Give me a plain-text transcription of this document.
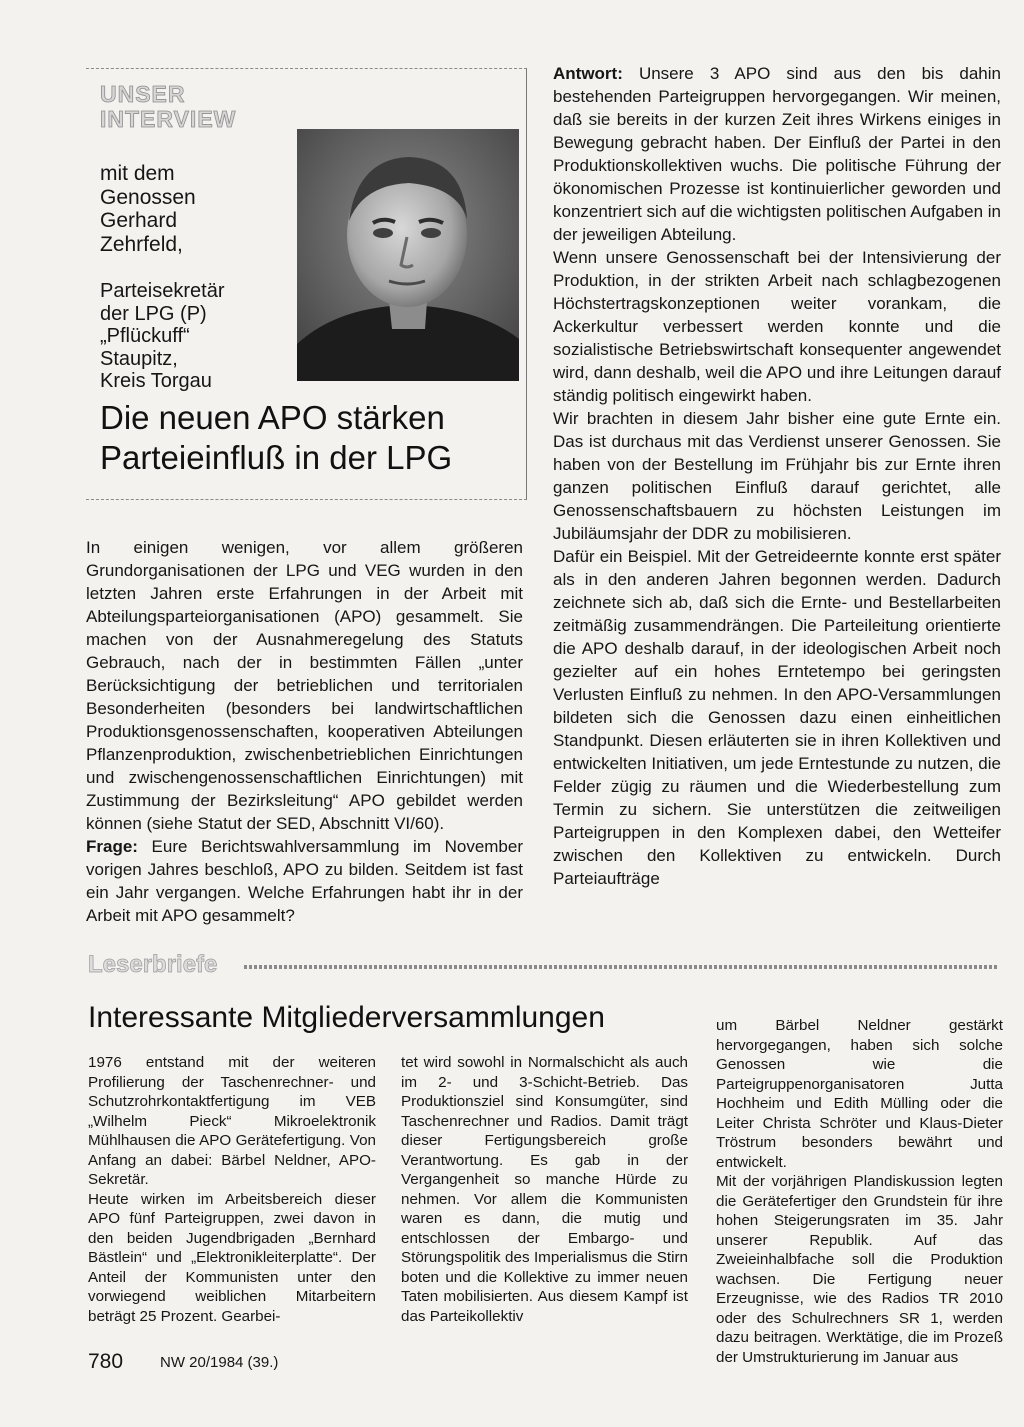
UNSER
INTERVIEW
mit dem
Genossen
Gerhard
Zehrfeld,
Parteisekretär
der LPG (P)
„Pflückuff“
Staupitz,
Kreis Torgau
Die neuen APO stärken
Parteieinfluß in der LPG

In einigen wenigen, vor allem größeren Grundorganisationen der LPG und VEG wurden in den letzten Jahren erste Erfahrungen in der Arbeit mit Abteilungsparteiorganisationen (APO) gesammelt. Sie machen von der Ausnahmeregelung des Statuts Gebrauch, nach der in bestimmten Fällen „unter Berücksichtigung der betrieblichen und territorialen Besonderheiten (besonders bei landwirtschaftlichen Produktionsgenossenschaften, kooperativen Abteilungen Pflanzenproduktion, zwischenbetrieblichen Einrichtungen und zwischengenossenschaftlichen Einrichtungen) mit Zustimmung der Bezirksleitung“ APO gebildet werden können (siehe Statut der SED, Abschnitt VI/60).

Frage: Eure Berichtswahlversammlung im November vorigen Jahres beschloß, APO zu bilden. Seitdem ist fast ein Jahr vergangen. Welche Erfahrungen habt ihr in der Arbeit mit APO gesammelt?

Antwort: Unsere 3 APO sind aus den bis dahin bestehenden Parteigruppen hervorgegangen. Wir meinen, daß sie bereits in der kurzen Zeit ihres Wirkens einiges in Bewegung gebracht haben. Der Einfluß der Partei in den Produktionskollektiven wuchs. Die politische Führung der ökonomischen Prozesse ist kontinuierlicher geworden und konzentriert sich auf die wichtigsten politischen Aufgaben in der jeweiligen Abteilung.

Wenn unsere Genossenschaft bei der Intensivierung der Produktion, in der strikten Arbeit nach schlagbezogenen Höchstertragskonzeptionen weiter vorankam, die Ackerkultur verbessert werden konnte und die sozialistische Betriebswirtschaft konsequenter angewendet wird, dann deshalb, weil die APO und ihre Leitungen darauf ständig politisch eingewirkt haben.

Wir brachten in diesem Jahr bisher eine gute Ernte ein. Das ist durchaus mit das Verdienst unserer Genossen. Sie haben von der Bestellung im Frühjahr bis zur Ernte ihren ganzen politischen Einfluß darauf gerichtet, alle Genossenschaftsbauern zu höchsten Leistungen im Jubiläumsjahr der DDR zu mobilisieren.

Dafür ein Beispiel. Mit der Getreideernte konnte erst später als in den anderen Jahren begonnen werden. Dadurch zeichnete sich ab, daß sich die Ernte- und Bestellarbeiten zeitmäßig zusammendrängen. Die Parteileitung orientierte die APO deshalb darauf, in der ideologischen Arbeit noch gezielter auf ein hohes Erntetempo bei geringsten Verlusten Einfluß zu nehmen. In den APO-Versammlungen bildeten sich die Genossen dazu einen einheitlichen Standpunkt. Diesen erläuterten sie in ihren Kollektiven und entwickelten Initiativen, um jede Erntestunde zu nutzen, die Felder zügig zu räumen und die Wiederbestellung zum Termin zu sichern. Sie unterstützen die zeitweiligen Parteigruppen in den Komplexen dabei, den Wetteifer zwischen den Kollektiven zu entwickeln. Durch Parteiaufträge

Leserbriefe
Interessante Mitgliederversammlungen

1976 entstand mit der weiteren Profilierung der Taschenrechner- und Schutzrohrkontaktfertigung im VEB „Wilhelm Pieck“ Mikroelektronik Mühlhausen die APO Gerätefertigung. Von Anfang an dabei: Bärbel Neldner, APO-Sekretär.

Heute wirken im Arbeitsbereich dieser APO fünf Parteigruppen, zwei davon in den beiden Jugendbrigaden „Bernhard Bästlein“ und „Elektronikleiterplatte“. Der Anteil der Kommunisten unter den vorwiegend weiblichen Mitarbeitern beträgt 25 Prozent. Gearbei-

tet wird sowohl in Normalschicht als auch im 2- und 3-Schicht-Betrieb. Das Produktionsziel sind Konsumgüter, sind Taschenrechner und Radios. Damit trägt dieser Fertigungsbereich große Verantwortung. Es gab in der Vergangenheit so manche Hürde zu nehmen. Vor allem die Kommunisten waren es dann, die mutig und entschlossen der Embargo- und Störungspolitik des Imperialismus die Stirn boten und die Kollektive zu immer neuen Taten mobilisierten. Aus diesem Kampf ist das Parteikollektiv

um Bärbel Neldner gestärkt hervorgegangen, haben sich solche Genossen wie die Parteigruppenorganisatoren Jutta Hochheim und Edith Mülling oder die Leiter Christa Schröter und Klaus-Dieter Tröstrum besonders bewährt und entwickelt.

Mit der vorjährigen Plandiskussion legten die Gerätefertiger den Grundstein für ihre hohen Steigerungsraten im 35. Jahr unserer Republik. Auf das Zweieinhalbfache soll die Produktion wachsen. Die Fertigung neuer Erzeugnisse, wie des Radios TR 2010 oder des Schulrechners SR 1, werden dazu beitragen. Werktätige, die im Prozeß der Umstrukturierung im Januar aus

780 NW 20/1984 (39.)
